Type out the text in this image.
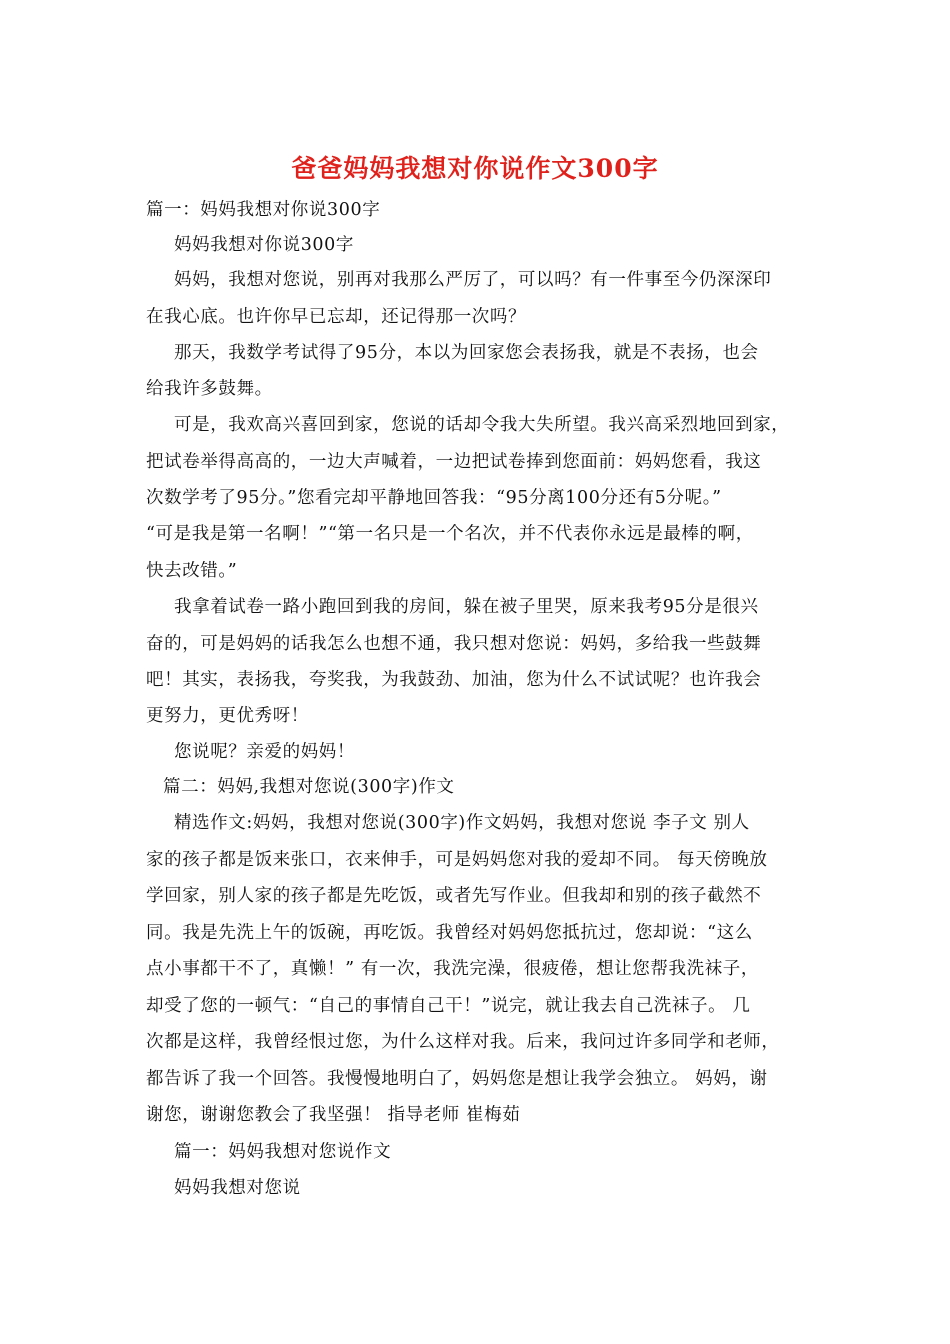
爸爸妈妈我想对你说作文300字
篇一：妈妈我想对你说300字
妈妈我想对你说300字
妈妈，我想对您说，别再对我那么严厉了，可以吗？有一件事至今仍深深印
在我心底。也许你早已忘却，还记得那一次吗？
那天，我数学考试得了95分，本以为回家您会表扬我，就是不表扬，也会
给我许多鼓舞。
可是，我欢高兴喜回到家，您说的话却令我大失所望。我兴高采烈地回到家，
把试卷举得高高的，一边大声喊着，一边把试卷捧到您面前：妈妈您看，我这
次数学考了95分。”您看完却平静地回答我：“95分离100分还有5分呢。”
“可是我是第一名啊！”“第一名只是一个名次，并不代表你永远是最棒的啊，
快去改错。”
我拿着试卷一路小跑回到我的房间，躲在被子里哭，原来我考95分是很兴
奋的，可是妈妈的话我怎么也想不通，我只想对您说：妈妈，多给我一些鼓舞
吧！其实，表扬我，夸奖我，为我鼓劲、加油，您为什么不试试呢？也许我会
更努力，更优秀呀！
您说呢？亲爱的妈妈！
篇二：妈妈,我想对您说(300字)作文
精选作文:妈妈，我想对您说(300字)作文妈妈，我想对您说 李子文 别人
家的孩子都是饭来张口，衣来伸手，可是妈妈您对我的爱却不同。 每天傍晚放
学回家，别人家的孩子都是先吃饭，或者先写作业。但我却和别的孩子截然不
同。我是先洗上午的饭碗，再吃饭。我曾经对妈妈您抵抗过，您却说：“这么
点小事都干不了，真懒！” 有一次，我洗完澡，很疲倦，想让您帮我洗袜子，
却受了您的一顿气：“自己的事情自己干！”说完，就让我去自己洗袜子。 几
次都是这样，我曾经恨过您，为什么这样对我。后来，我问过许多同学和老师，
都告诉了我一个回答。我慢慢地明白了，妈妈您是想让我学会独立。 妈妈，谢
谢您，谢谢您教会了我坚强！ 指导老师 崔梅茹
篇一：妈妈我想对您说作文
妈妈我想对您说
